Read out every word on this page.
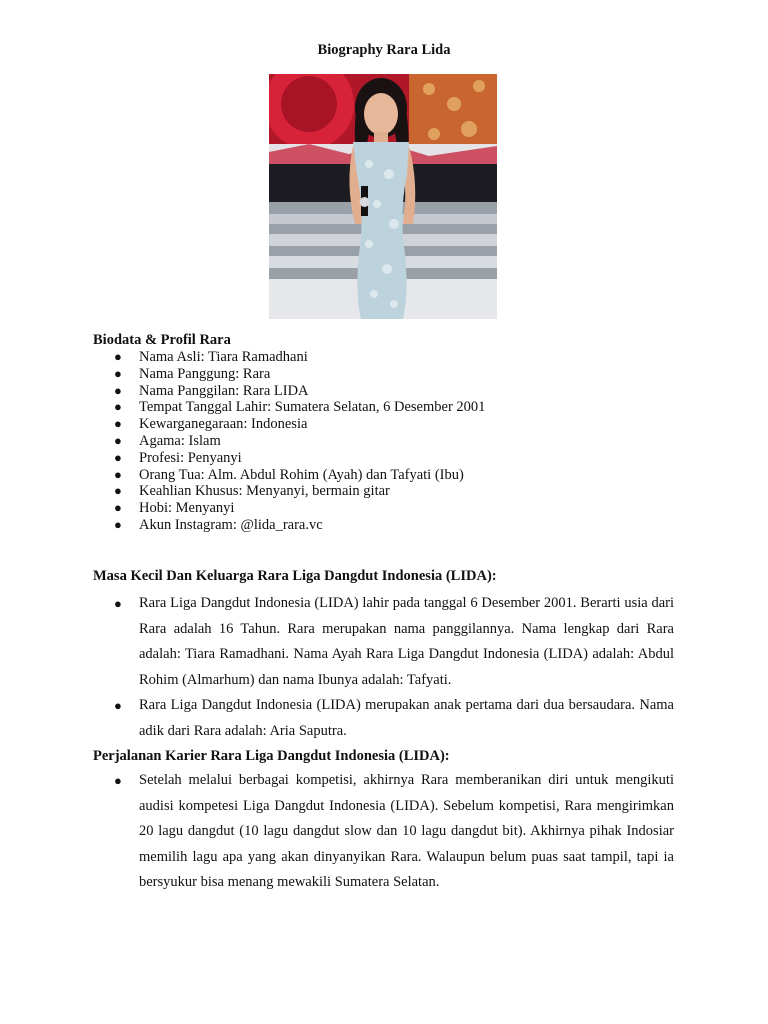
Biography Rara Lida
Biodata & Profil Rara
● Nama Asli: Tiara Ramadhani
● Nama Panggung: Rara
● Nama Panggilan: Rara LIDA
● Tempat Tanggal Lahir: Sumatera Selatan, 6 Desember 2001
● Kewarganegaraan: Indonesia
● Agama: Islam
● Profesi: Penyanyi
● Orang Tua: Alm. Abdul Rohim (Ayah) dan Tafyati (Ibu)
● Keahlian Khusus: Menyanyi, bermain gitar
● Hobi: Menyanyi
● Akun Instagram: @lida_rara.vc
Masa Kecil Dan Keluarga Rara Liga Dangdut Indonesia (LIDA):
● Rara Liga Dangdut Indonesia (LIDA) lahir pada tanggal 6 Desember 2001. Berarti usia dari Rara adalah 16 Tahun. Rara merupakan nama panggilannya. Nama lengkap dari Rara adalah: Tiara Ramadhani. Nama Ayah Rara Liga Dangdut Indonesia (LIDA) adalah: Abdul Rohim (Almarhum) dan nama Ibunya adalah: Tafyati.
● Rara Liga Dangdut Indonesia (LIDA) merupakan anak pertama dari dua bersaudara. Nama adik dari Rara adalah: Aria Saputra.
Perjalanan Karier Rara Liga Dangdut Indonesia (LIDA):
● Setelah melalui berbagai kompetisi, akhirnya Rara memberanikan diri untuk mengikuti audisi kompetesi Liga Dangdut Indonesia (LIDA). Sebelum kompetisi, Rara mengirimkan 20 lagu dangdut (10 lagu dangdut slow dan 10 lagu dangdut bit). Akhirnya pihak Indosiar memilih lagu apa yang akan dinyanyikan Rara. Walaupun belum puas saat tampil, tapi ia bersyukur bisa menang mewakili Sumatera Selatan.
